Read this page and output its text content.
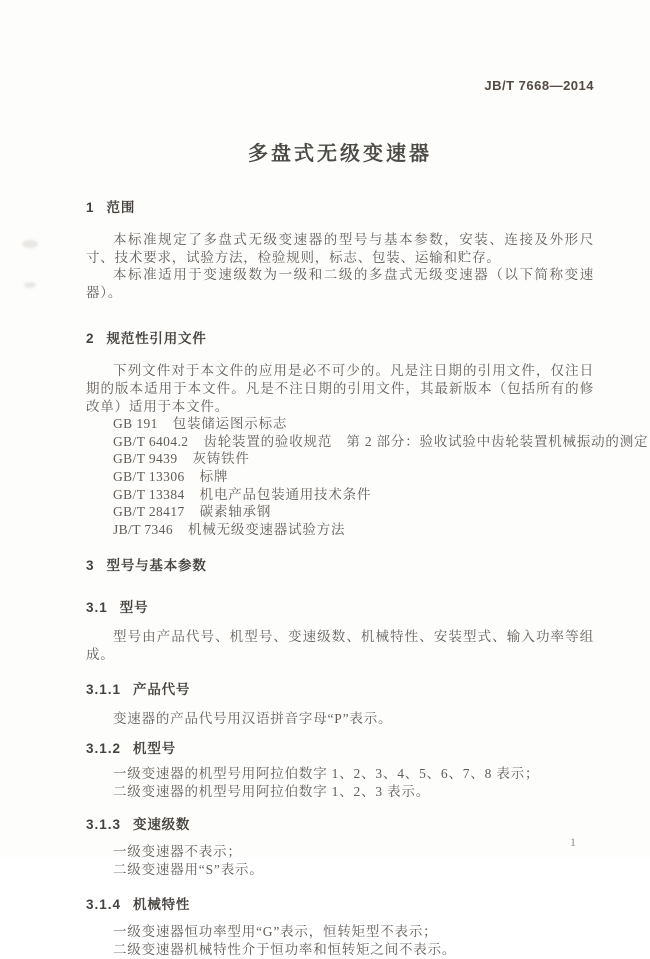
JB/T 7668—2014
多盘式无级变速器
1 范围
本标准规定了多盘式无级变速器的型号与基本参数，安装、连接及外形尺寸、技术要求，试验方法，检验规则，标志、包装、运输和贮存。
本标准适用于变速级数为一级和二级的多盘式无级变速器（以下简称变速器）。
2 规范性引用文件
下列文件对于本文件的应用是必不可少的。凡是注日期的引用文件，仅注日期的版本适用于本文件。凡是不注日期的引用文件，其最新版本（包括所有的修改单）适用于本文件。
GB 191 包装储运图示标志
GB/T 6404.2 齿轮装置的验收规范　第 2 部分：验收试验中齿轮装置机械振动的测定
GB/T 9439 灰铸铁件
GB/T 13306 标牌
GB/T 13384 机电产品包装通用技术条件
GB/T 28417 碳素轴承钢
JB/T 7346 机械无级变速器试验方法
3 型号与基本参数
3.1 型号
型号由产品代号、机型号、变速级数、机械特性、安装型式、输入功率等组成。
3.1.1 产品代号
变速器的产品代号用汉语拼音字母“P”表示。
3.1.2 机型号
一级变速器的机型号用阿拉伯数字 1、2、3、4、5、6、7、8 表示；
二级变速器的机型号用阿拉伯数字 1、2、3 表示。
3.1.3 变速级数
一级变速器不表示；
二级变速器用“S”表示。
3.1.4 机械特性
一级变速器恒功率型用“G”表示，恒转矩型不表示；
二级变速器机械特性介于恒功率和恒转矩之间不表示。
1
